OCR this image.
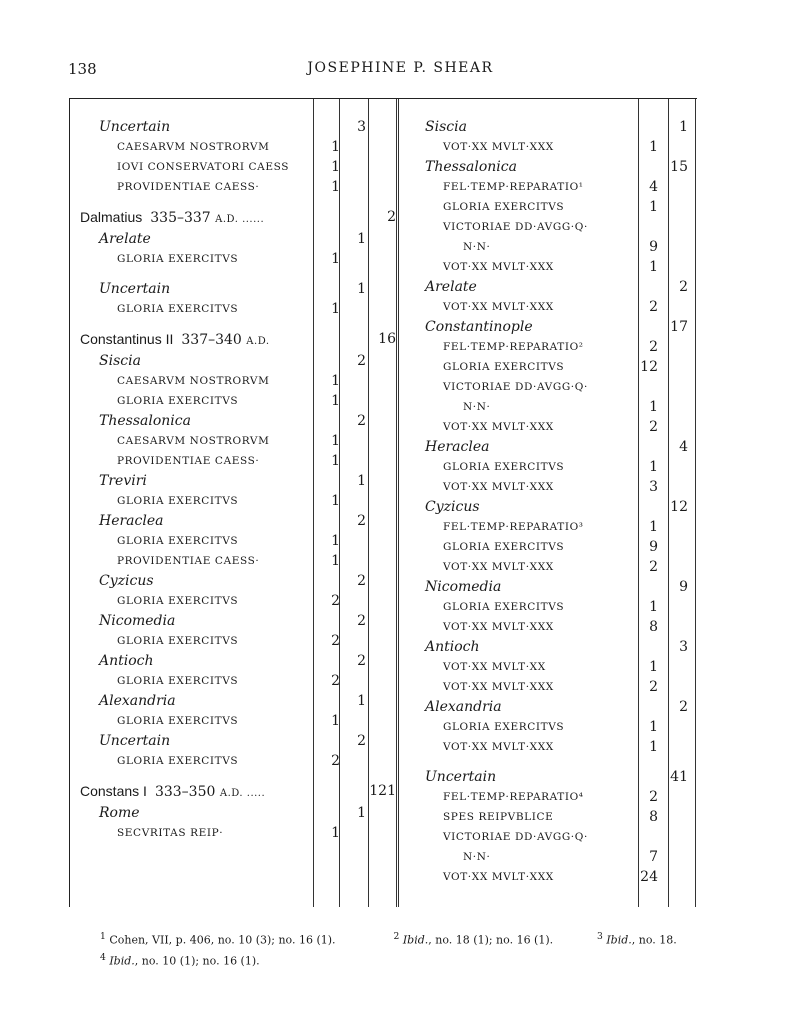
138	JOSEPHINE P. SHEAR
Uncertain	3
CAESARVM NOSTRORVM	1
IOVI CONSERVATORI CAESS	1
PROVIDENTIAE CAESS·	1
Dalmatius 335–337 A.D. ......	2
Arelate	1
GLORIA EXERCITVS	1
Uncertain	1
GLORIA EXERCITVS	1
Constantinus II 337–340 A.D.	16
Siscia	2
CAESARVM NOSTRORVM	1
GLORIA EXERCITVS	1
Thessalonica	2
CAESARVM NOSTRORVM	1
PROVIDENTIAE CAESS·	1
Treviri	1
GLORIA EXERCITVS	1
Heraclea	2
GLORIA EXERCITVS	1
PROVIDENTIAE CAESS·	1
Cyzicus	2
GLORIA EXERCITVS	2
Nicomedia	2
GLORIA EXERCITVS	2
Antioch	2
GLORIA EXERCITVS	2
Alexandria	1
GLORIA EXERCITVS	1
Uncertain	2
GLORIA EXERCITVS	2
Constans I 333–350 A.D. .....	121
Rome	1
SECVRITAS REIP·	1
Siscia	1
VOT·XX MVLT·XXX	1
Thessalonica	15
FEL·TEMP·REPARATIO¹	4
GLORIA EXERCITVS	1
VICTORIAE DD·AVGG·Q·
N·N·	9
VOT·XX MVLT·XXX	1
Arelate	2
VOT·XX MVLT·XXX	2
Constantinople	17
FEL·TEMP·REPARATIO²	2
GLORIA EXERCITVS	12
VICTORIAE DD·AVGG·Q·
N·N·	1
VOT·XX MVLT·XXX	2
Heraclea	4
GLORIA EXERCITVS	1
VOT·XX MVLT·XXX	3
Cyzicus	12
FEL·TEMP·REPARATIO³	1
GLORIA EXERCITVS	9
VOT·XX MVLT·XXX	2
Nicomedia	9
GLORIA EXERCITVS	1
VOT·XX MVLT·XXX	8
Antioch	3
VOT·XX MVLT·XX	1
VOT·XX MVLT·XXX	2
Alexandria	2
GLORIA EXERCITVS	1
VOT·XX MVLT·XXX	1
Uncertain	41
FEL·TEMP·REPARATIO⁴	2
SPES REIPVBLICE	8
VICTORIAE DD·AVGG·Q·
N·N·	7
VOT·XX MVLT·XXX	24
$^1$ Cohen, VII, p. 406, no. 10 (3); no. 16 (1).	$^2$ Ibid., no. 18 (1); no. 16 (1).	$^3$ Ibid., no. 18.
$^4$ Ibid., no. 10 (1); no. 16 (1).
